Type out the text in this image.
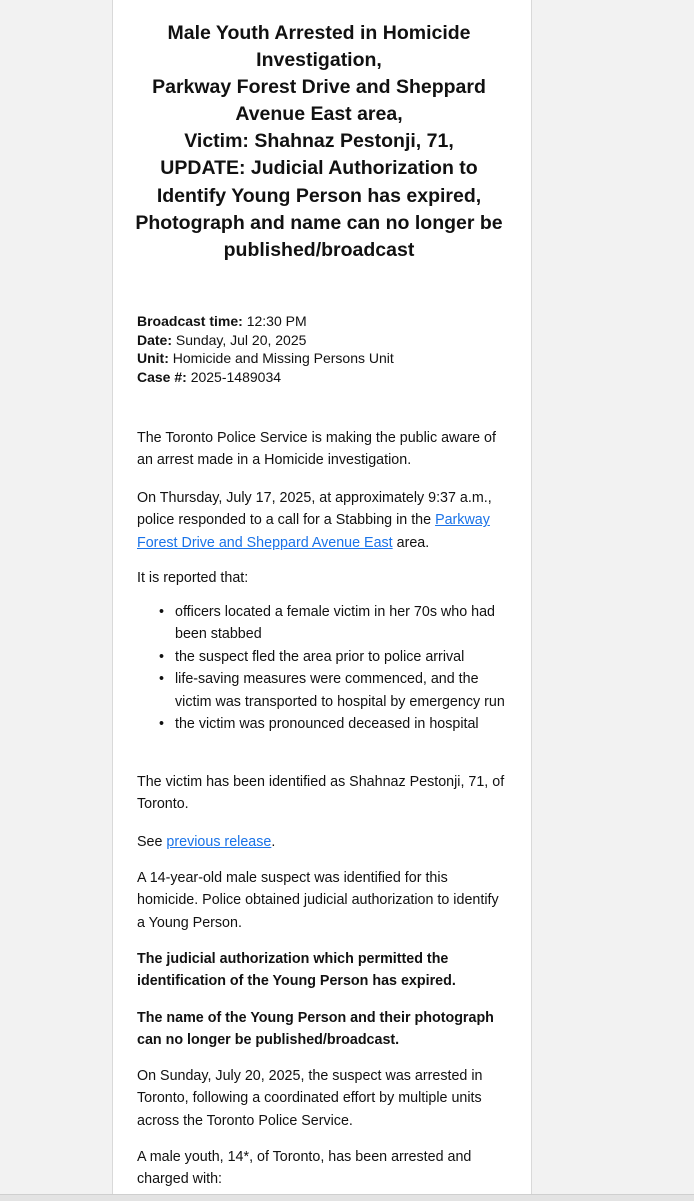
Male Youth Arrested in Homicide Investigation,
Parkway Forest Drive and Sheppard Avenue East area,
Victim: Shahnaz Pestonji, 71,
UPDATE: Judicial Authorization to Identify Young Person has expired, Photograph and name can no longer be published/broadcast
Broadcast time: 12:30 PM
Date: Sunday, Jul 20, 2025
Unit: Homicide and Missing Persons Unit
Case #: 2025-1489034
The Toronto Police Service is making the public aware of an arrest made in a Homicide investigation.
On Thursday, July 17, 2025, at approximately 9:37 a.m., police responded to a call for a Stabbing in the Parkway Forest Drive and Sheppard Avenue East area.
It is reported that:
• officers located a female victim in her 70s who had been stabbed
• the suspect fled the area prior to police arrival
• life-saving measures were commenced, and the victim was transported to hospital by emergency run
• the victim was pronounced deceased in hospital
The victim has been identified as Shahnaz Pestonji, 71, of Toronto.
See previous release.
A 14-year-old male suspect was identified for this homicide. Police obtained judicial authorization to identify a Young Person.
The judicial authorization which permitted the identification of the Young Person has expired.
The name of the Young Person and their photograph can no longer be published/broadcast.
On Sunday, July 20, 2025, the suspect was arrested in Toronto, following a coordinated effort by multiple units across the Toronto Police Service.
A male youth, 14*, of Toronto, has been arrested and charged with:
